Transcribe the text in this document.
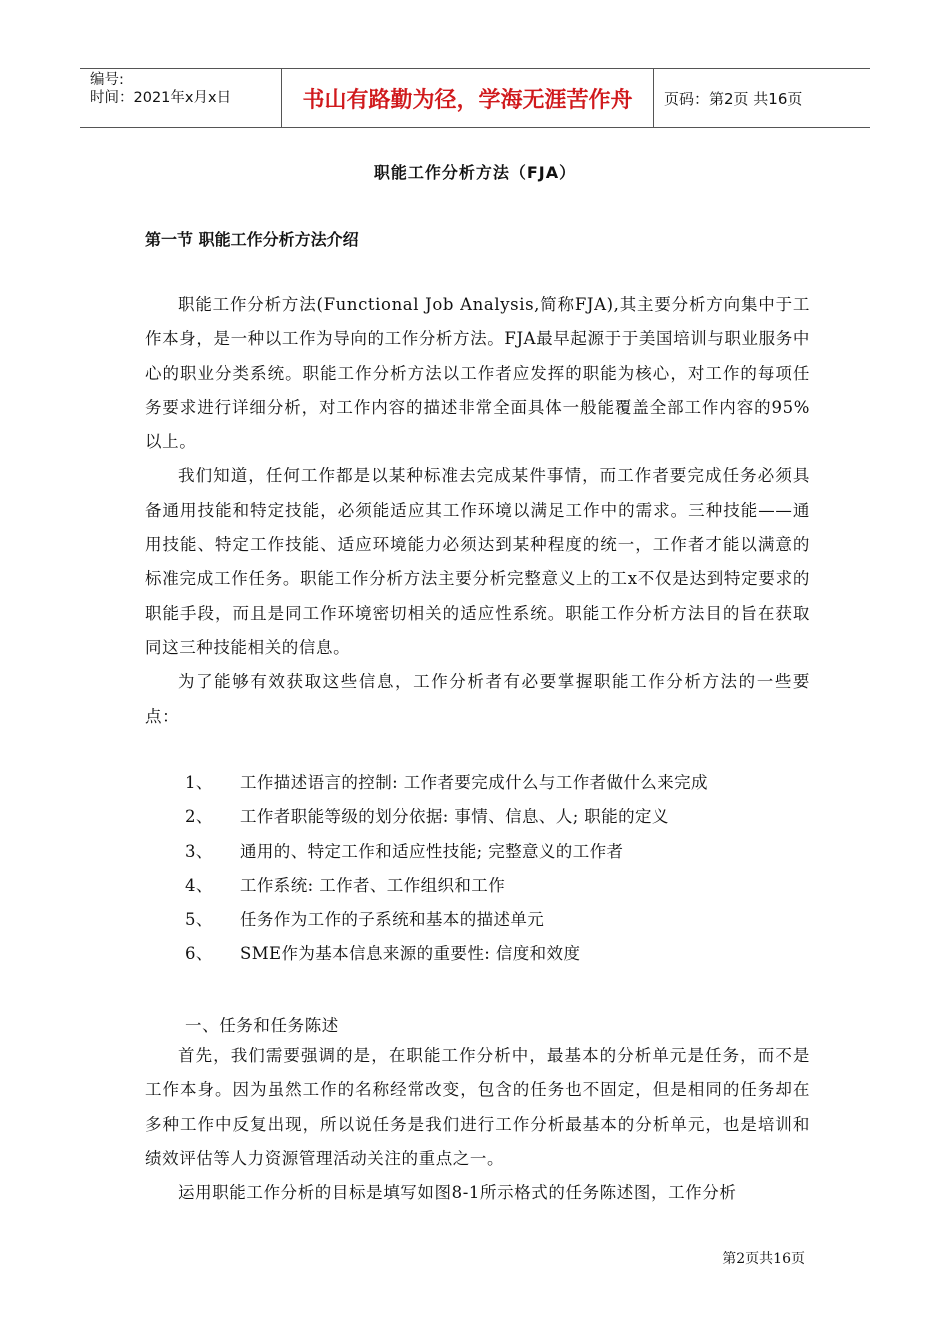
编号:
时间：2021年x月x日	书山有路勤为径，学海无涯苦作舟	页码：第2页 共16页
职能工作分析方法（FJA）
第一节 职能工作分析方法介绍

职能工作分析方法(Functional Job Analysis,简称FJA),其主要分析方向集中于工作本身，是一种以工作为导向的工作分析方法。FJA最早起源于于美国培训与职业服务中心的职业分类系统。职能工作分析方法以工作者应发挥的职能为核心，对工作的每项任务要求进行详细分析，对工作内容的描述非常全面具体一般能覆盖全部工作内容的95%以上。

我们知道，任何工作都是以某种标准去完成某件事情，而工作者要完成任务必须具备通用技能和特定技能，必须能适应其工作环境以满足工作中的需求。三种技能——通用技能、特定工作技能、适应环境能力必须达到某种程度的统一，工作者才能以满意的标准完成工作任务。职能工作分析方法主要分析完整意义上的工x不仅是达到特定要求的职能手段，而且是同工作环境密切相关的适应性系统。职能工作分析方法目的旨在获取同这三种技能相关的信息。

为了能够有效获取这些信息，工作分析者有必要掌握职能工作分析方法的一些要点：

1、	工作描述语言的控制: 工作者要完成什么与工作者做什么来完成
2、	工作者职能等级的划分依据: 事情、信息、人; 职能的定义
3、	通用的、特定工作和适应性技能; 完整意义的工作者
4、	工作系统: 工作者、工作组织和工作
5、	任务作为工作的子系统和基本的描述单元
6、	SME作为基本信息来源的重要性: 信度和效度
一、任务和任务陈述

首先，我们需要强调的是，在职能工作分析中，最基本的分析单元是任务，而不是工作本身。因为虽然工作的名称经常改变，包含的任务也不固定，但是相同的任务却在多种工作中反复出现，所以说任务是我们进行工作分析最基本的分析单元，也是培训和绩效评估等人力资源管理活动关注的重点之一。

运用职能工作分析的目标是填写如图8-1所示格式的任务陈述图，工作分析

第2页共16页
